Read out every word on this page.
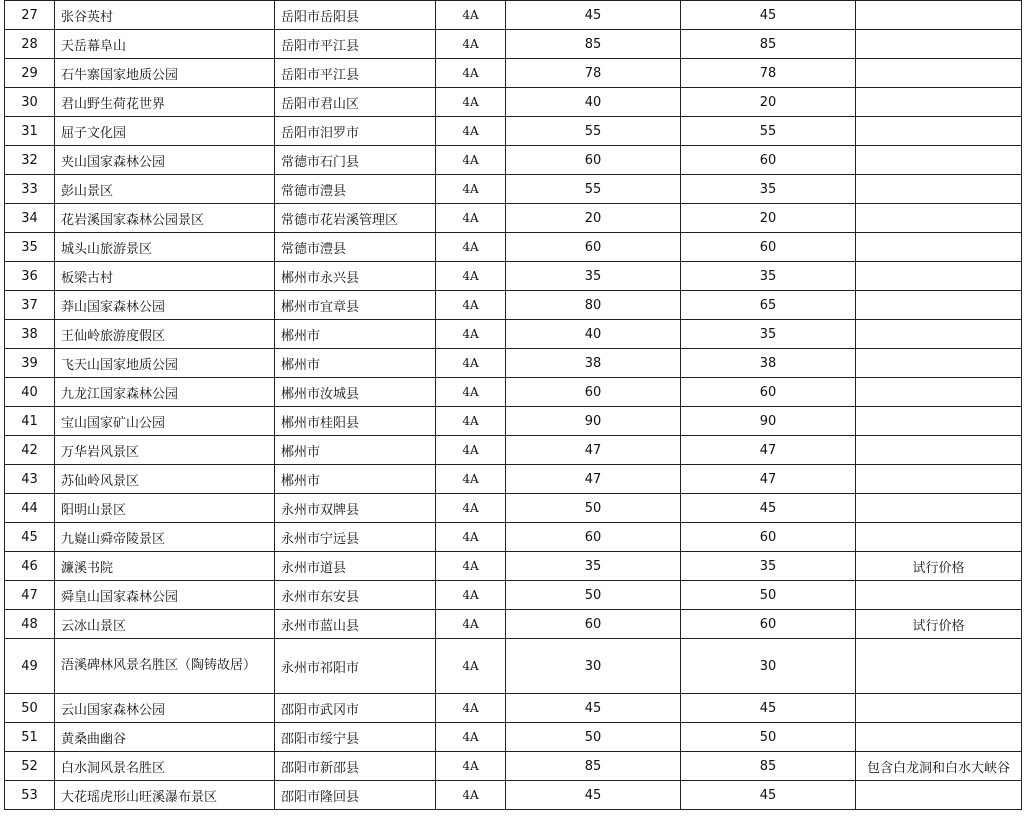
27	张谷英村	岳阳市岳阳县	4A	45	45	
28	天岳幕阜山	岳阳市平江县	4A	85	85	
29	石牛寨国家地质公园	岳阳市平江县	4A	78	78	
30	君山野生荷花世界	岳阳市君山区	4A	40	20	
31	屈子文化园	岳阳市汨罗市	4A	55	55	
32	夹山国家森林公园	常德市石门县	4A	60	60	
33	彭山景区	常德市澧县	4A	55	35	
34	花岩溪国家森林公园景区	常德市花岩溪管理区	4A	20	20	
35	城头山旅游景区	常德市澧县	4A	60	60	
36	板梁古村	郴州市永兴县	4A	35	35	
37	莽山国家森林公园	郴州市宜章县	4A	80	65	
38	王仙岭旅游度假区	郴州市	4A	40	35	
39	飞天山国家地质公园	郴州市	4A	38	38	
40	九龙江国家森林公园	郴州市汝城县	4A	60	60	
41	宝山国家矿山公园	郴州市桂阳县	4A	90	90	
42	万华岩风景区	郴州市	4A	47	47	
43	苏仙岭风景区	郴州市	4A	47	47	
44	阳明山景区	永州市双牌县	4A	50	45	
45	九嶷山舜帝陵景区	永州市宁远县	4A	60	60	
46	濂溪书院	永州市道县	4A	35	35	试行价格
47	舜皇山国家森林公园	永州市东安县	4A	50	50	
48	云冰山景区	永州市蓝山县	4A	60	60	试行价格
49	浯溪碑林风景名胜区（陶铸故居）	永州市祁阳市	4A	30	30	
50	云山国家森林公园	邵阳市武冈市	4A	45	45	
51	黄桑曲幽谷	邵阳市绥宁县	4A	50	50	
52	白水洞风景名胜区	邵阳市新邵县	4A	85	85	包含白龙洞和白水大峡谷
53	大花瑶虎形山旺溪瀑布景区	邵阳市隆回县	4A	45	45	
